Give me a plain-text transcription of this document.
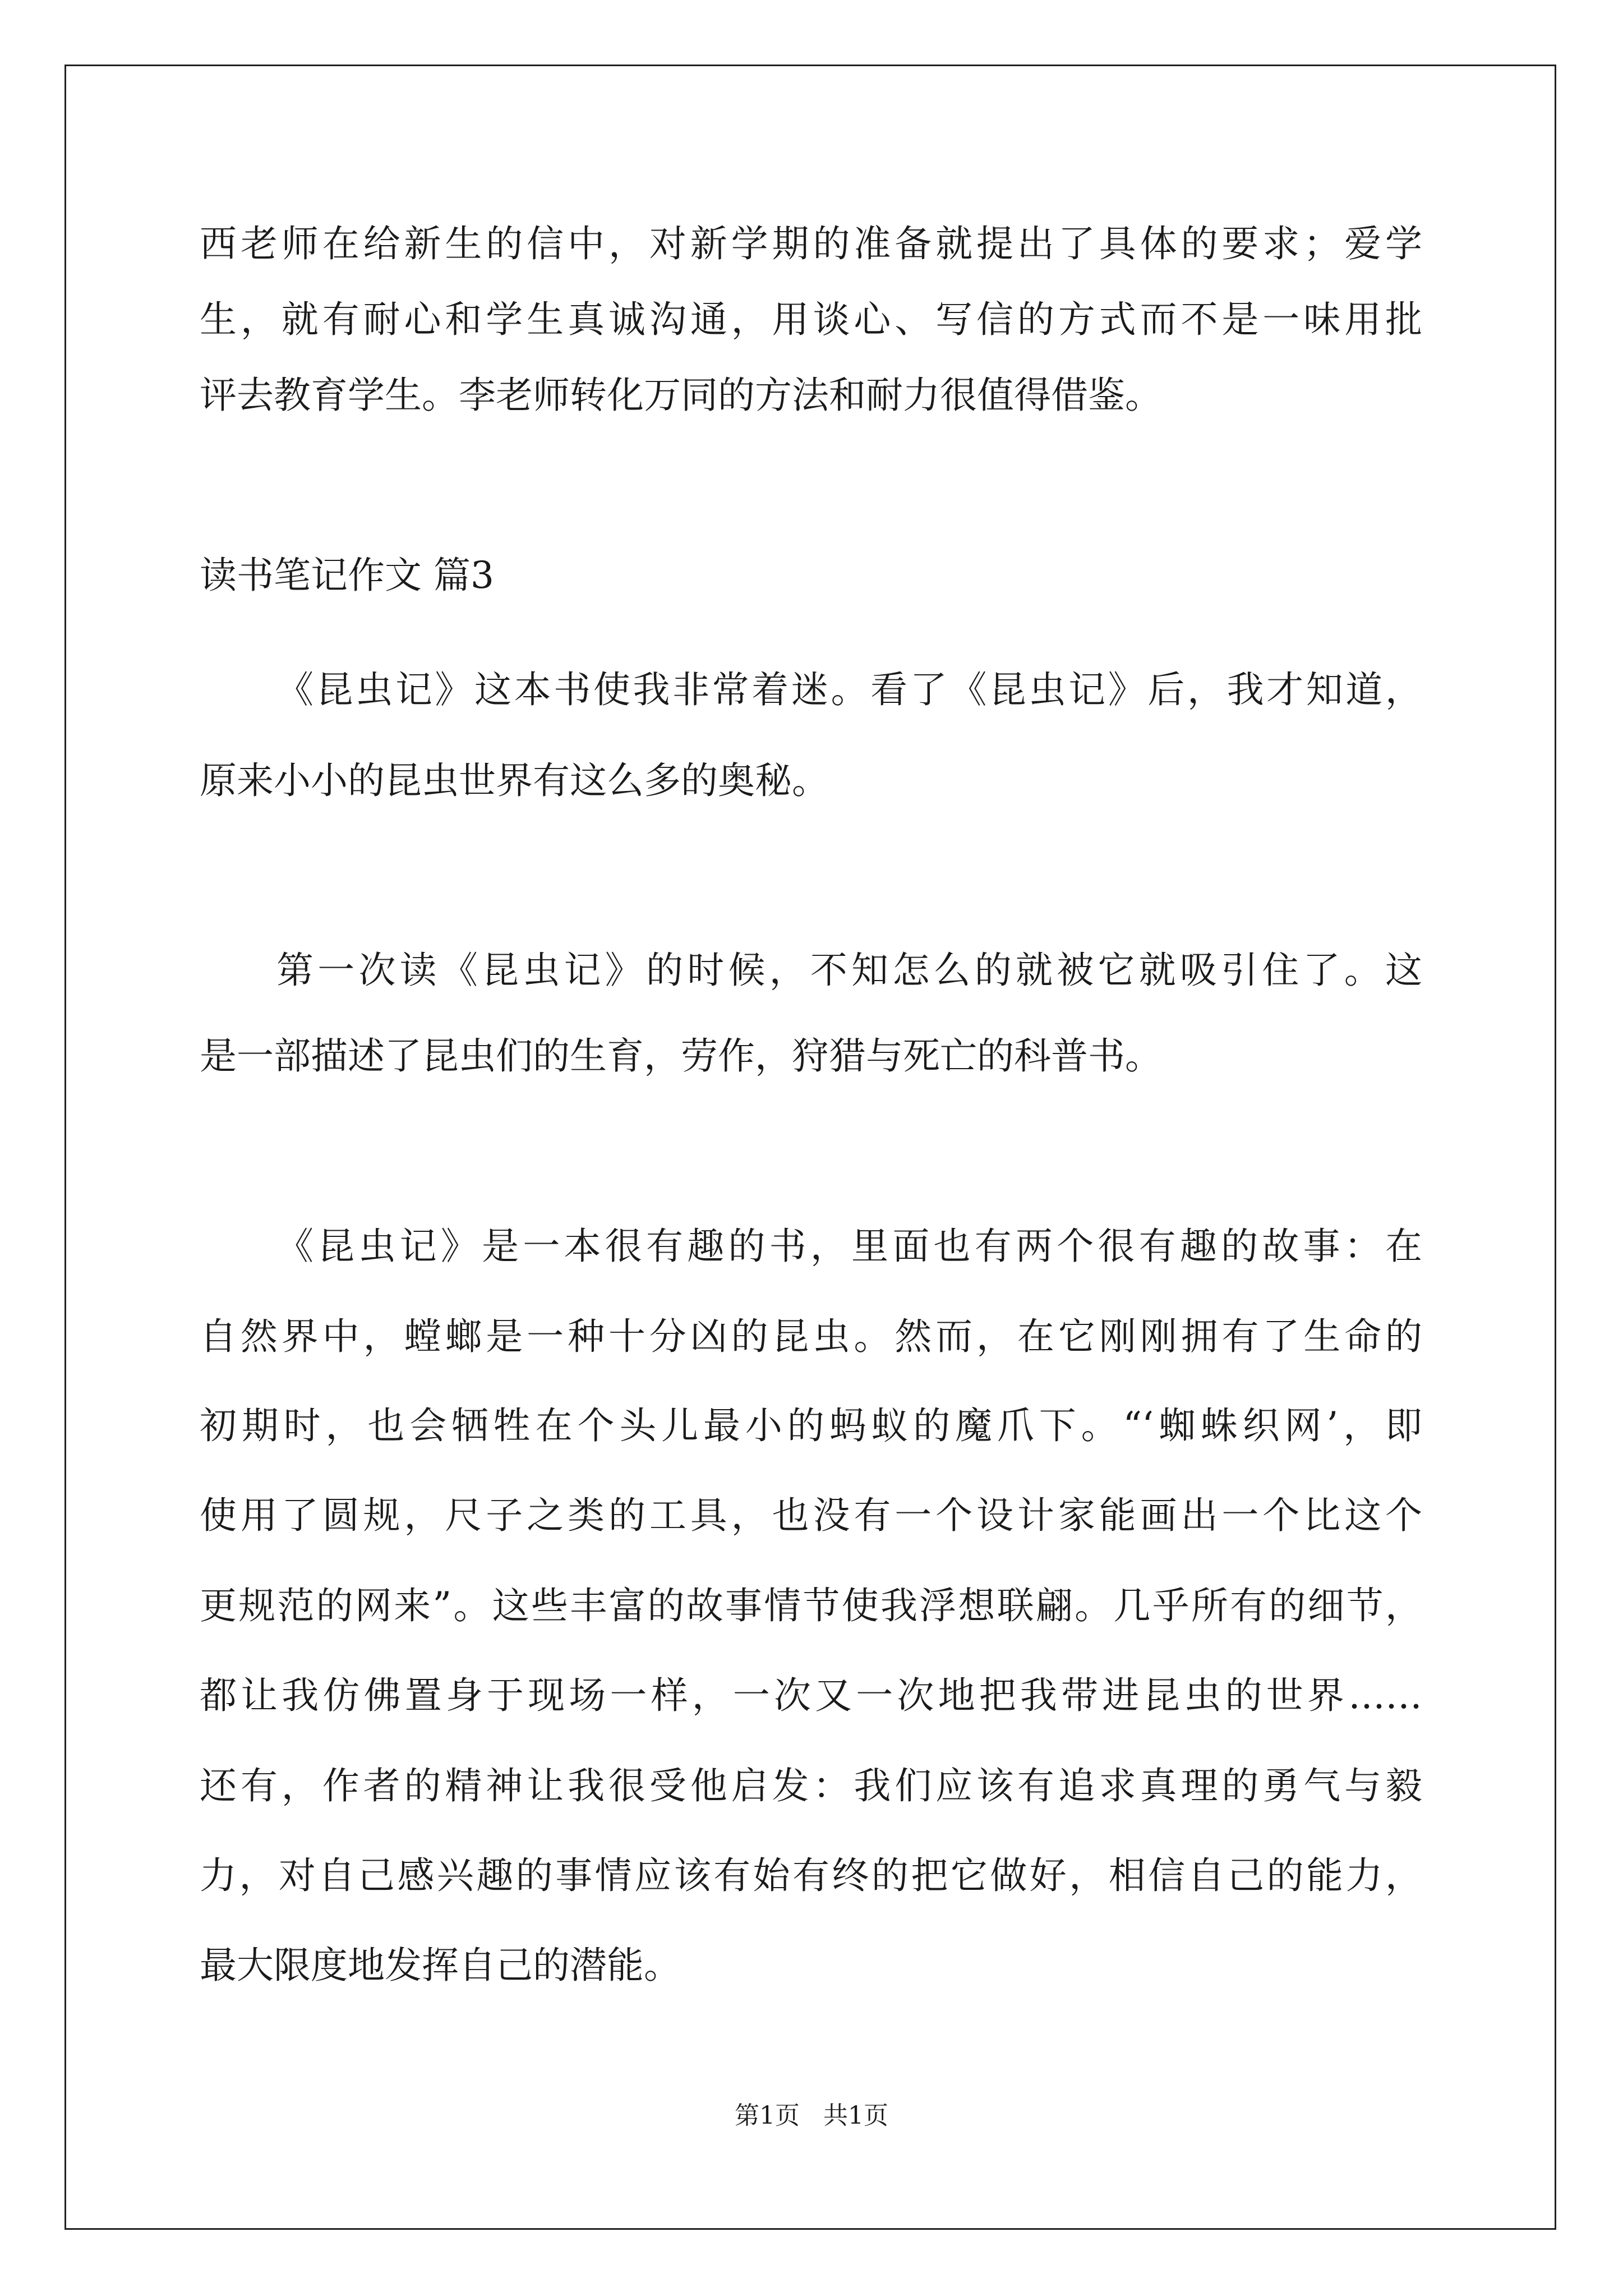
西老师在给新生的信中，对新学期的准备就提出了具体的要求；爱学
生，就有耐心和学生真诚沟通，用谈心、写信的方式而不是一味用批
评去教育学生。李老师转化万同的方法和耐力很值得借鉴。
读书笔记作文 篇3
《昆虫记》这本书使我非常着迷。看了《昆虫记》后，我才知道，
原来小小的昆虫世界有这么多的奥秘。
第一次读《昆虫记》的时候，不知怎么的就被它就吸引住了。这
是一部描述了昆虫们的生育，劳作，狩猎与死亡的科普书。
《昆虫记》是一本很有趣的书，里面也有两个很有趣的故事：在
自然界中，螳螂是一种十分凶的昆虫。然而，在它刚刚拥有了生命的
初期时，也会牺牲在个头儿最小的蚂蚁的魔爪下。“‘蜘蛛织网’，即
使用了圆规，尺子之类的工具，也没有一个设计家能画出一个比这个
更规范的网来”。这些丰富的故事情节使我浮想联翩。几乎所有的细节，
都让我仿佛置身于现场一样，一次又一次地把我带进昆虫的世界……
还有，作者的精神让我很受他启发：我们应该有追求真理的勇气与毅
力，对自己感兴趣的事情应该有始有终的把它做好，相信自己的能力，
最大限度地发挥自己的潜能。
第1页 共1页
